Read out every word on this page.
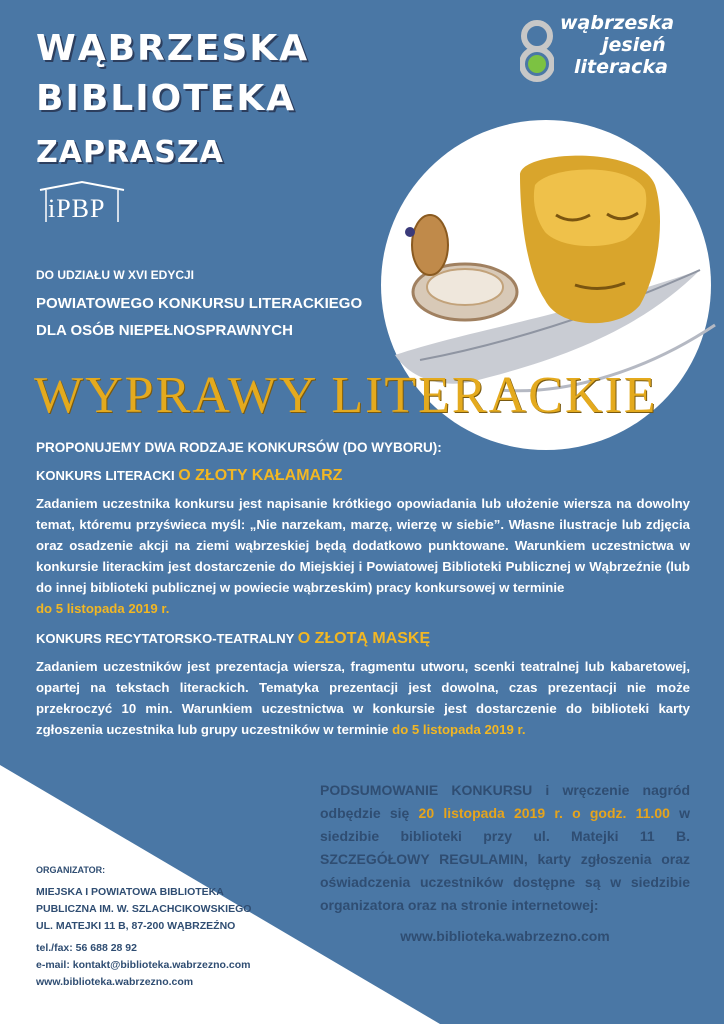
WĄBRZESKA
BIBLIOTEKA
ZAPRASZA
iPBP
wąbrzeska
jesień
literacka
DO UDZIAŁU W XVI EDYCJI
POWIATOWEGO KONKURSU LITERACKIEGO
DLA OSÓB NIEPEŁNOSPRAWNYCH
WYPRAWY LITERACKIE
PROPONUJEMY DWA RODZAJE KONKURSÓW (DO WYBORU):
KONKURS LITERACKI O ZŁOTY KAŁAMARZ
Zadaniem uczestnika konkursu jest napisanie krótkiego opowiadania lub ułożenie wiersza na dowolny temat, któremu przyświeca myśl: „Nie narzekam, marzę, wierzę w siebie”. Własne ilustracje lub zdjęcia oraz osadzenie akcji na ziemi wąbrzeskiej będą dodatkowo punktowane. Warunkiem uczestnictwa w konkursie literackim jest dostarczenie do Miejskiej i Powiatowej Biblioteki Publicznej w Wąbrzeźnie (lub do innej biblioteki publicznej w powiecie wąbrzeskim) pracy konkursowej w terminie
do 5 listopada 2019 r.
KONKURS RECYTATORSKO-TEATRALNY O ZŁOTĄ MASKĘ
Zadaniem uczestników jest prezentacja wiersza, fragmentu utworu, scenki teatralnej lub kabaretowej, opartej na tekstach literackich. Tematyka prezentacji jest dowolna, czas prezentacji nie może przekroczyć 10 min. Warunkiem uczestnictwa w konkursie jest dostarczenie do biblioteki karty zgłoszenia uczestnika lub grupy uczestników w terminie do 5 listopada 2019 r.
PODSUMOWANIE KONKURSU i wręczenie nagród odbędzie się 20 listopada 2019 r. o godz. 11.00 w siedzibie biblioteki przy ul. Matejki 11 B. SZCZEGÓŁOWY REGULAMIN, karty zgłoszenia oraz oświadczenia uczestników dostępne są w siedzibie organizatora oraz na stronie internetowej:
www.biblioteka.wabrzezno.com
ORGANIZATOR:
MIEJSKA I POWIATOWA BIBLIOTEKA
PUBLICZNA IM. W. SZLACHCIKOWSKIEGO
UL. MATEJKI 11 B, 87-200 WĄBRZEŹNO
tel./fax: 56 688 28 92
e-mail: kontakt@biblioteka.wabrzezno.com
www.biblioteka.wabrzezno.com
